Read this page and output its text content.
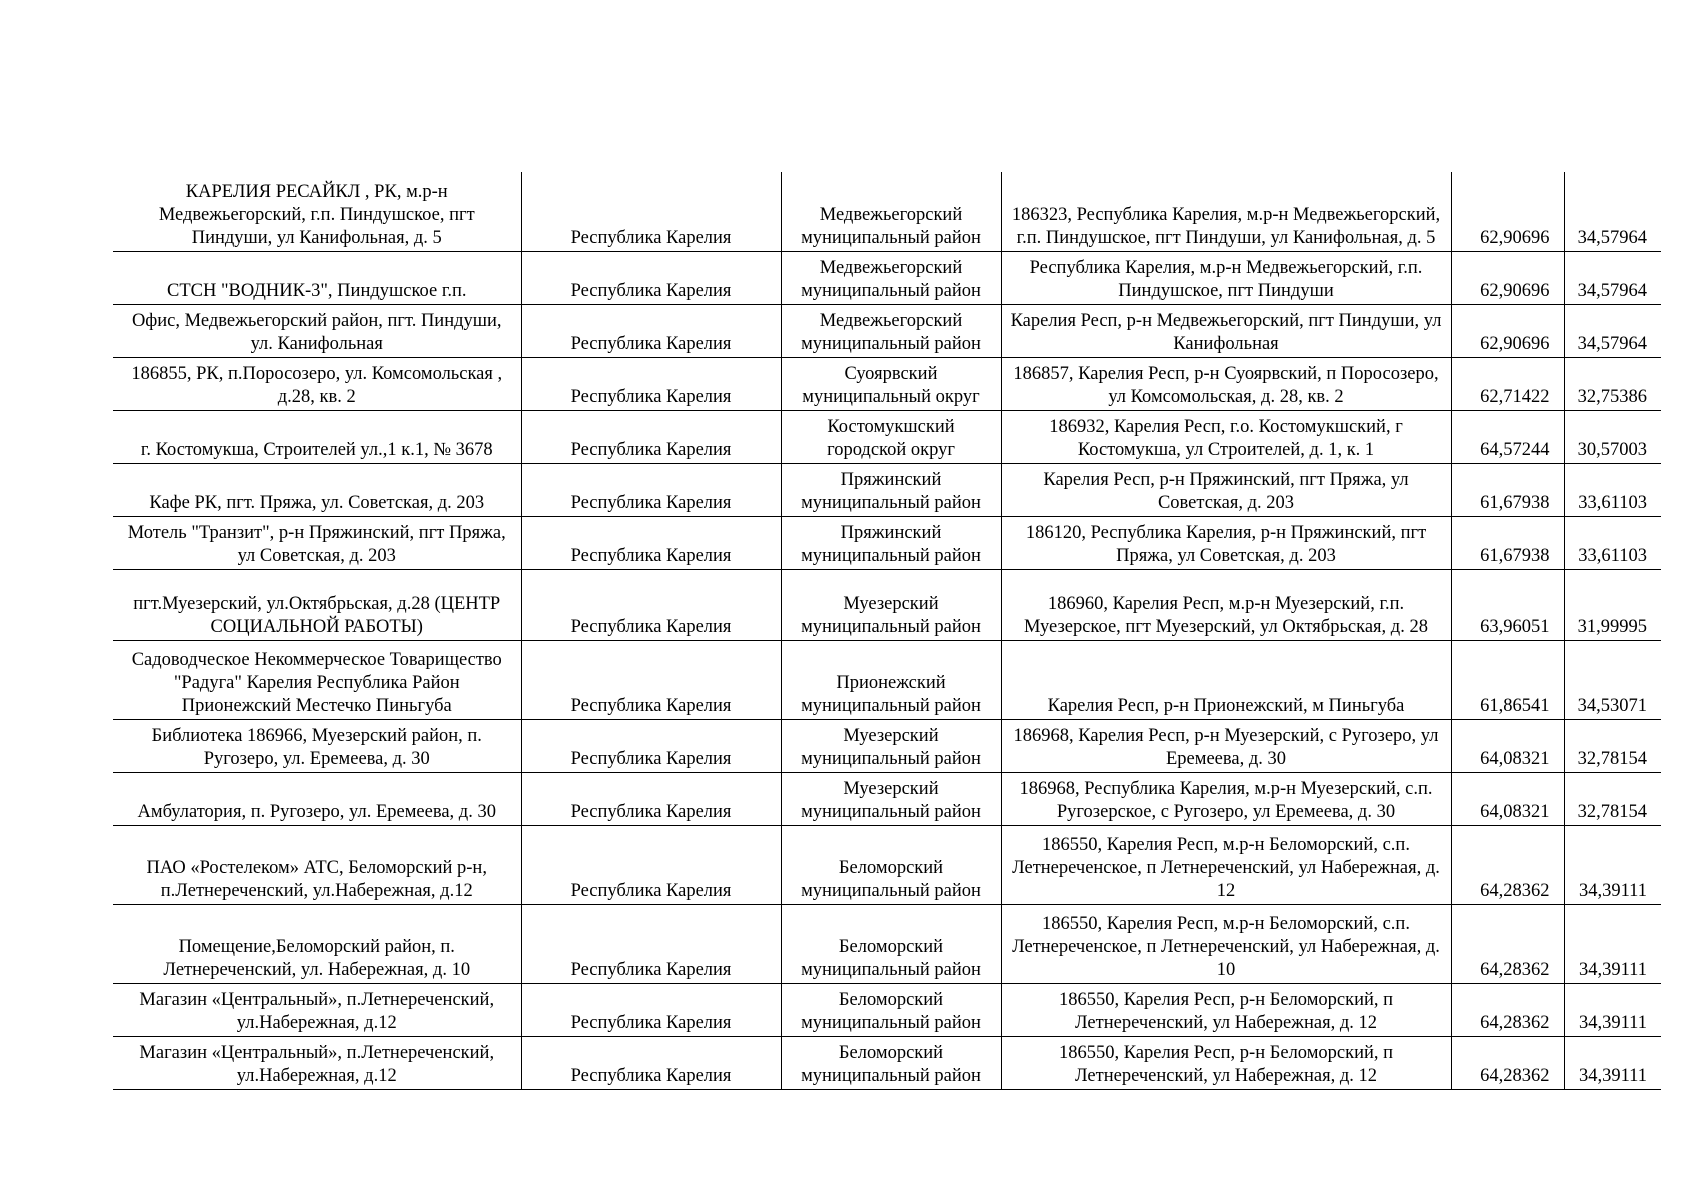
КАРЕЛИЯ РЕСАЙКЛ , РК, м.р-н Медвежьегорский, г.п. Пиндушское, пгт Пиндуши, ул Канифольная, д. 5	Республика Карелия	Медвежьегорский муниципальный район	186323, Республика Карелия, м.р-н Медвежьегорский, г.п. Пиндушское, пгт Пиндуши, ул Канифольная, д. 5	62,90696	34,57964
СТСН "ВОДНИК-3", Пиндушское г.п.	Республика Карелия	Медвежьегорский муниципальный район	Республика Карелия, м.р-н Медвежьегорский, г.п. Пиндушское, пгт Пиндуши	62,90696	34,57964
Офис, Медвежьегорский район, пгт. Пиндуши, ул. Канифольная	Республика Карелия	Медвежьегорский муниципальный район	Карелия Респ, р-н Медвежьегорский, пгт Пиндуши, ул Канифольная	62,90696	34,57964
186855, РК, п.Поросозеро, ул. Комсомольская , д.28, кв. 2	Республика Карелия	Суоярвский муниципальный округ	186857, Карелия Респ, р-н Суоярвский, п Поросозеро, ул Комсомольская, д. 28, кв. 2	62,71422	32,75386
г. Костомукша, Строителей ул.,1 к.1, № 3678	Республика Карелия	Костомукшский городской округ	186932, Карелия Респ, г.о. Костомукшский, г Костомукша, ул Строителей, д. 1, к. 1	64,57244	30,57003
Кафе РК, пгт. Пряжа, ул. Советская, д. 203	Республика Карелия	Пряжинский муниципальный район	Карелия Респ, р-н Пряжинский, пгт Пряжа, ул Советская, д. 203	61,67938	33,61103
Мотель "Транзит", р-н Пряжинский, пгт Пряжа, ул Советская, д. 203	Республика Карелия	Пряжинский муниципальный район	186120, Республика Карелия, р-н Пряжинский, пгт Пряжа, ул Советская, д. 203	61,67938	33,61103
пгт.Муезерский, ул.Октябрьская, д.28 (ЦЕНТР СОЦИАЛЬНОЙ РАБОТЫ)	Республика Карелия	Муезерский муниципальный район	186960, Карелия Респ, м.р-н Муезерский, г.п. Муезерское, пгт Муезерский, ул Октябрьская, д. 28	63,96051	31,99995
Садоводческое Некоммерческое Товарищество "Радуга" Карелия Республика Район Прионежский Местечко Пиньгуба	Республика Карелия	Прионежский муниципальный район	Карелия Респ, р-н Прионежский, м Пиньгуба	61,86541	34,53071
Библиотека 186966, Муезерский район, п. Ругозеро, ул. Еремеева, д. 30	Республика Карелия	Муезерский муниципальный район	186968, Карелия Респ, р-н Муезерский, с Ругозеро, ул Еремеева, д. 30	64,08321	32,78154
Амбулатория, п. Ругозеро, ул. Еремеева, д. 30	Республика Карелия	Муезерский муниципальный район	186968, Республика Карелия, м.р-н Муезерский, с.п. Ругозерское, с Ругозеро, ул Еремеева, д. 30	64,08321	32,78154
ПАО «Ростелеком» АТС, Беломорский р-н, п.Летнереченский, ул.Набережная, д.12	Республика Карелия	Беломорский муниципальный район	186550, Карелия Респ, м.р-н Беломорский, с.п. Летнереченское, п Летнереченский, ул Набережная, д. 12	64,28362	34,39111
Помещение,Беломорский район, п. Летнереченский, ул. Набережная, д. 10	Республика Карелия	Беломорский муниципальный район	186550, Карелия Респ, м.р-н Беломорский, с.п. Летнереченское, п Летнереченский, ул Набережная, д. 10	64,28362	34,39111
Магазин «Центральный», п.Летнереченский, ул.Набережная, д.12	Республика Карелия	Беломорский муниципальный район	186550, Карелия Респ, р-н Беломорский, п Летнереченский, ул Набережная, д. 12	64,28362	34,39111
Магазин «Центральный», п.Летнереченский, ул.Набережная, д.12	Республика Карелия	Беломорский муниципальный район	186550, Карелия Респ, р-н Беломорский, п Летнереченский, ул Набережная, д. 12	64,28362	34,39111
